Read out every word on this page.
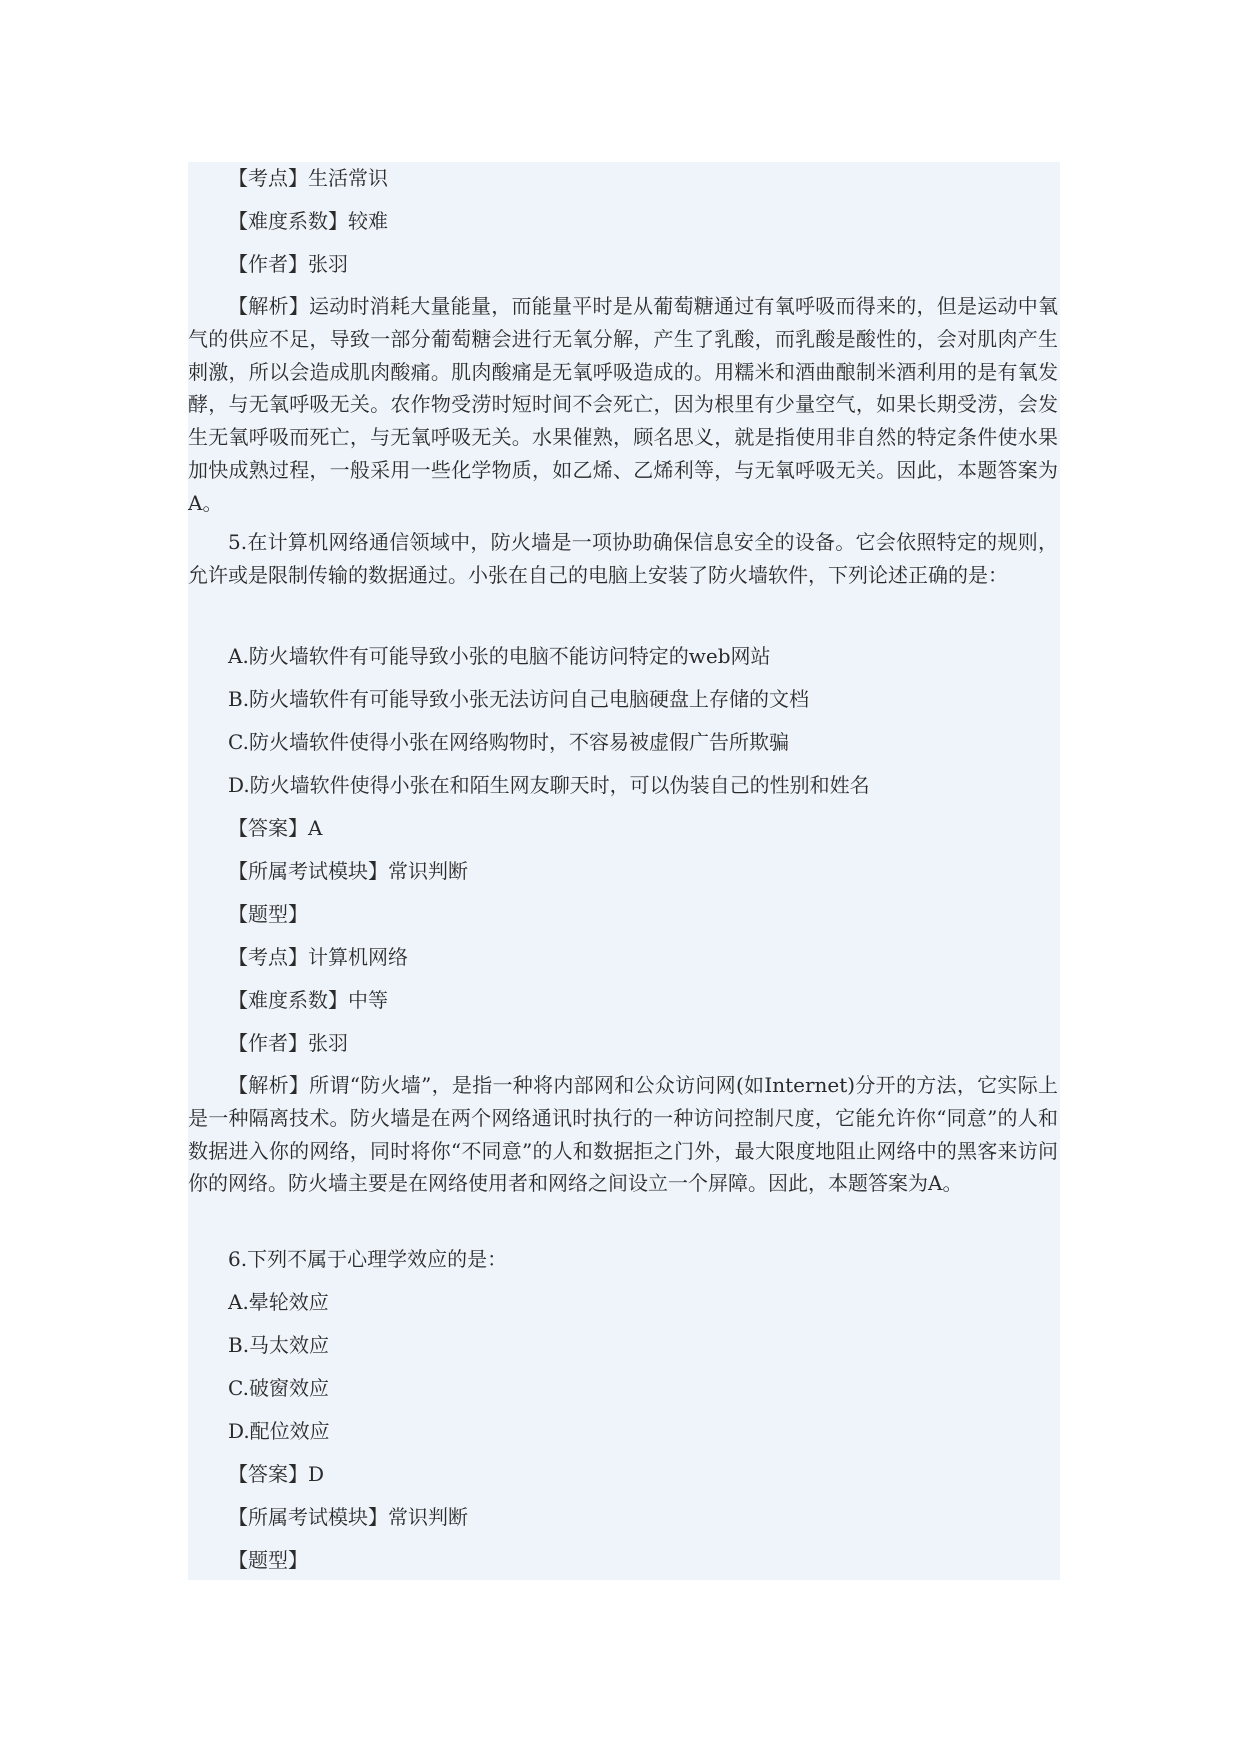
【考点】生活常识
【难度系数】较难
【作者】张羽
【解析】运动时消耗大量能量，而能量平时是从葡萄糖通过有氧呼吸而得来的，但是运动中氧气的供应不足，导致一部分葡萄糖会进行无氧分解，产生了乳酸，而乳酸是酸性的，会对肌肉产生刺激，所以会造成肌肉酸痛。肌肉酸痛是无氧呼吸造成的。用糯米和酒曲酿制米酒利用的是有氧发酵，与无氧呼吸无关。农作物受涝时短时间不会死亡，因为根里有少量空气，如果长期受涝，会发生无氧呼吸而死亡，与无氧呼吸无关。水果催熟，顾名思义，就是指使用非自然的特定条件使水果加快成熟过程，一般采用一些化学物质，如乙烯、乙烯利等，与无氧呼吸无关。因此，本题答案为A。
5.在计算机网络通信领域中，防火墙是一项协助确保信息安全的设备。它会依照特定的规则，允许或是限制传输的数据通过。小张在自己的电脑上安装了防火墙软件，下列论述正确的是：
A.防火墙软件有可能导致小张的电脑不能访问特定的web网站
B.防火墙软件有可能导致小张无法访问自己电脑硬盘上存储的文档
C.防火墙软件使得小张在网络购物时，不容易被虚假广告所欺骗
D.防火墙软件使得小张在和陌生网友聊天时，可以伪装自己的性别和姓名
【答案】A
【所属考试模块】常识判断
【题型】
【考点】计算机网络
【难度系数】中等
【作者】张羽
【解析】所谓“防火墙”，是指一种将内部网和公众访问网(如Internet)分开的方法，它实际上是一种隔离技术。防火墙是在两个网络通讯时执行的一种访问控制尺度，它能允许你“同意”的人和数据进入你的网络，同时将你“不同意”的人和数据拒之门外，最大限度地阻止网络中的黑客来访问你的网络。防火墙主要是在网络使用者和网络之间设立一个屏障。因此，本题答案为A。
6.下列不属于心理学效应的是：
A.晕轮效应
B.马太效应
C.破窗效应
D.配位效应
【答案】D
【所属考试模块】常识判断
【题型】
